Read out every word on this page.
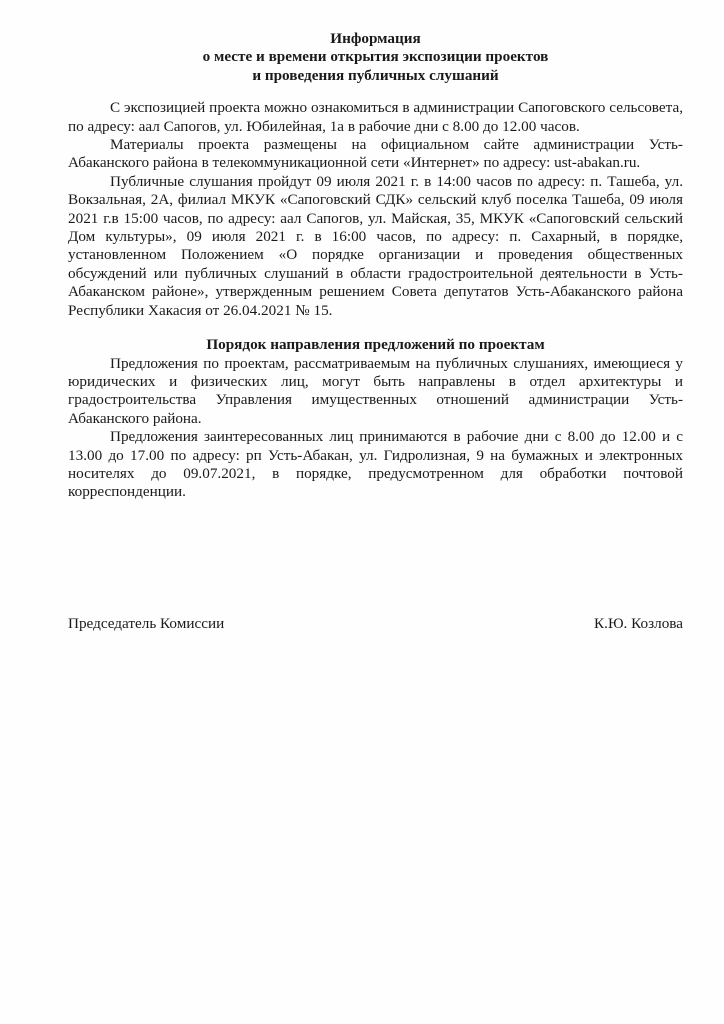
Информация
о месте и времени открытия экспозиции проектов
и проведения публичных слушаний

С экспозицией проекта можно ознакомиться в администрации Сапоговского сельсовета, по адресу: аал Сапогов, ул. Юбилейная, 1а в рабочие дни с 8.00 до 12.00 часов.

Материалы проекта размещены на официальном сайте администрации Усть-Абаканского района в телекоммуникационной сети «Интернет» по адресу: ust-abakan.ru.

Публичные слушания пройдут 09 июля 2021 г. в 14:00 часов по адресу: п. Ташеба, ул. Вокзальная, 2А, филиал МКУК «Сапоговский СДК» сельский клуб поселка Ташеба, 09 июля 2021 г.в 15:00 часов, по адресу: аал Сапогов, ул. Майская, 35, МКУК «Сапоговский сельский Дом культуры», 09 июля 2021 г. в 16:00 часов, по адресу: п. Сахарный, в порядке, установленном Положением «О порядке организации и проведения общественных обсуждений или публичных слушаний в области градостроительной деятельности в Усть-Абаканском районе», утвержденным решением Совета депутатов Усть-Абаканского района Республики Хакасия от 26.04.2021 № 15.

Порядок направления предложений по проектам

Предложения по проектам, рассматриваемым на публичных слушаниях, имеющиеся у юридических и физических лиц, могут быть направлены в отдел архитектуры и градостроительства Управления имущественных отношений администрации Усть-Абаканского района.

Предложения заинтересованных лиц принимаются в рабочие дни с 8.00 до 12.00 и с 13.00 до 17.00 по адресу: рп Усть-Абакан, ул. Гидролизная, 9 на бумажных и электронных носителях до 09.07.2021, в порядке, предусмотренном для обработки почтовой корреспонденции.

Председатель Комиссии	К.Ю. Козлова
